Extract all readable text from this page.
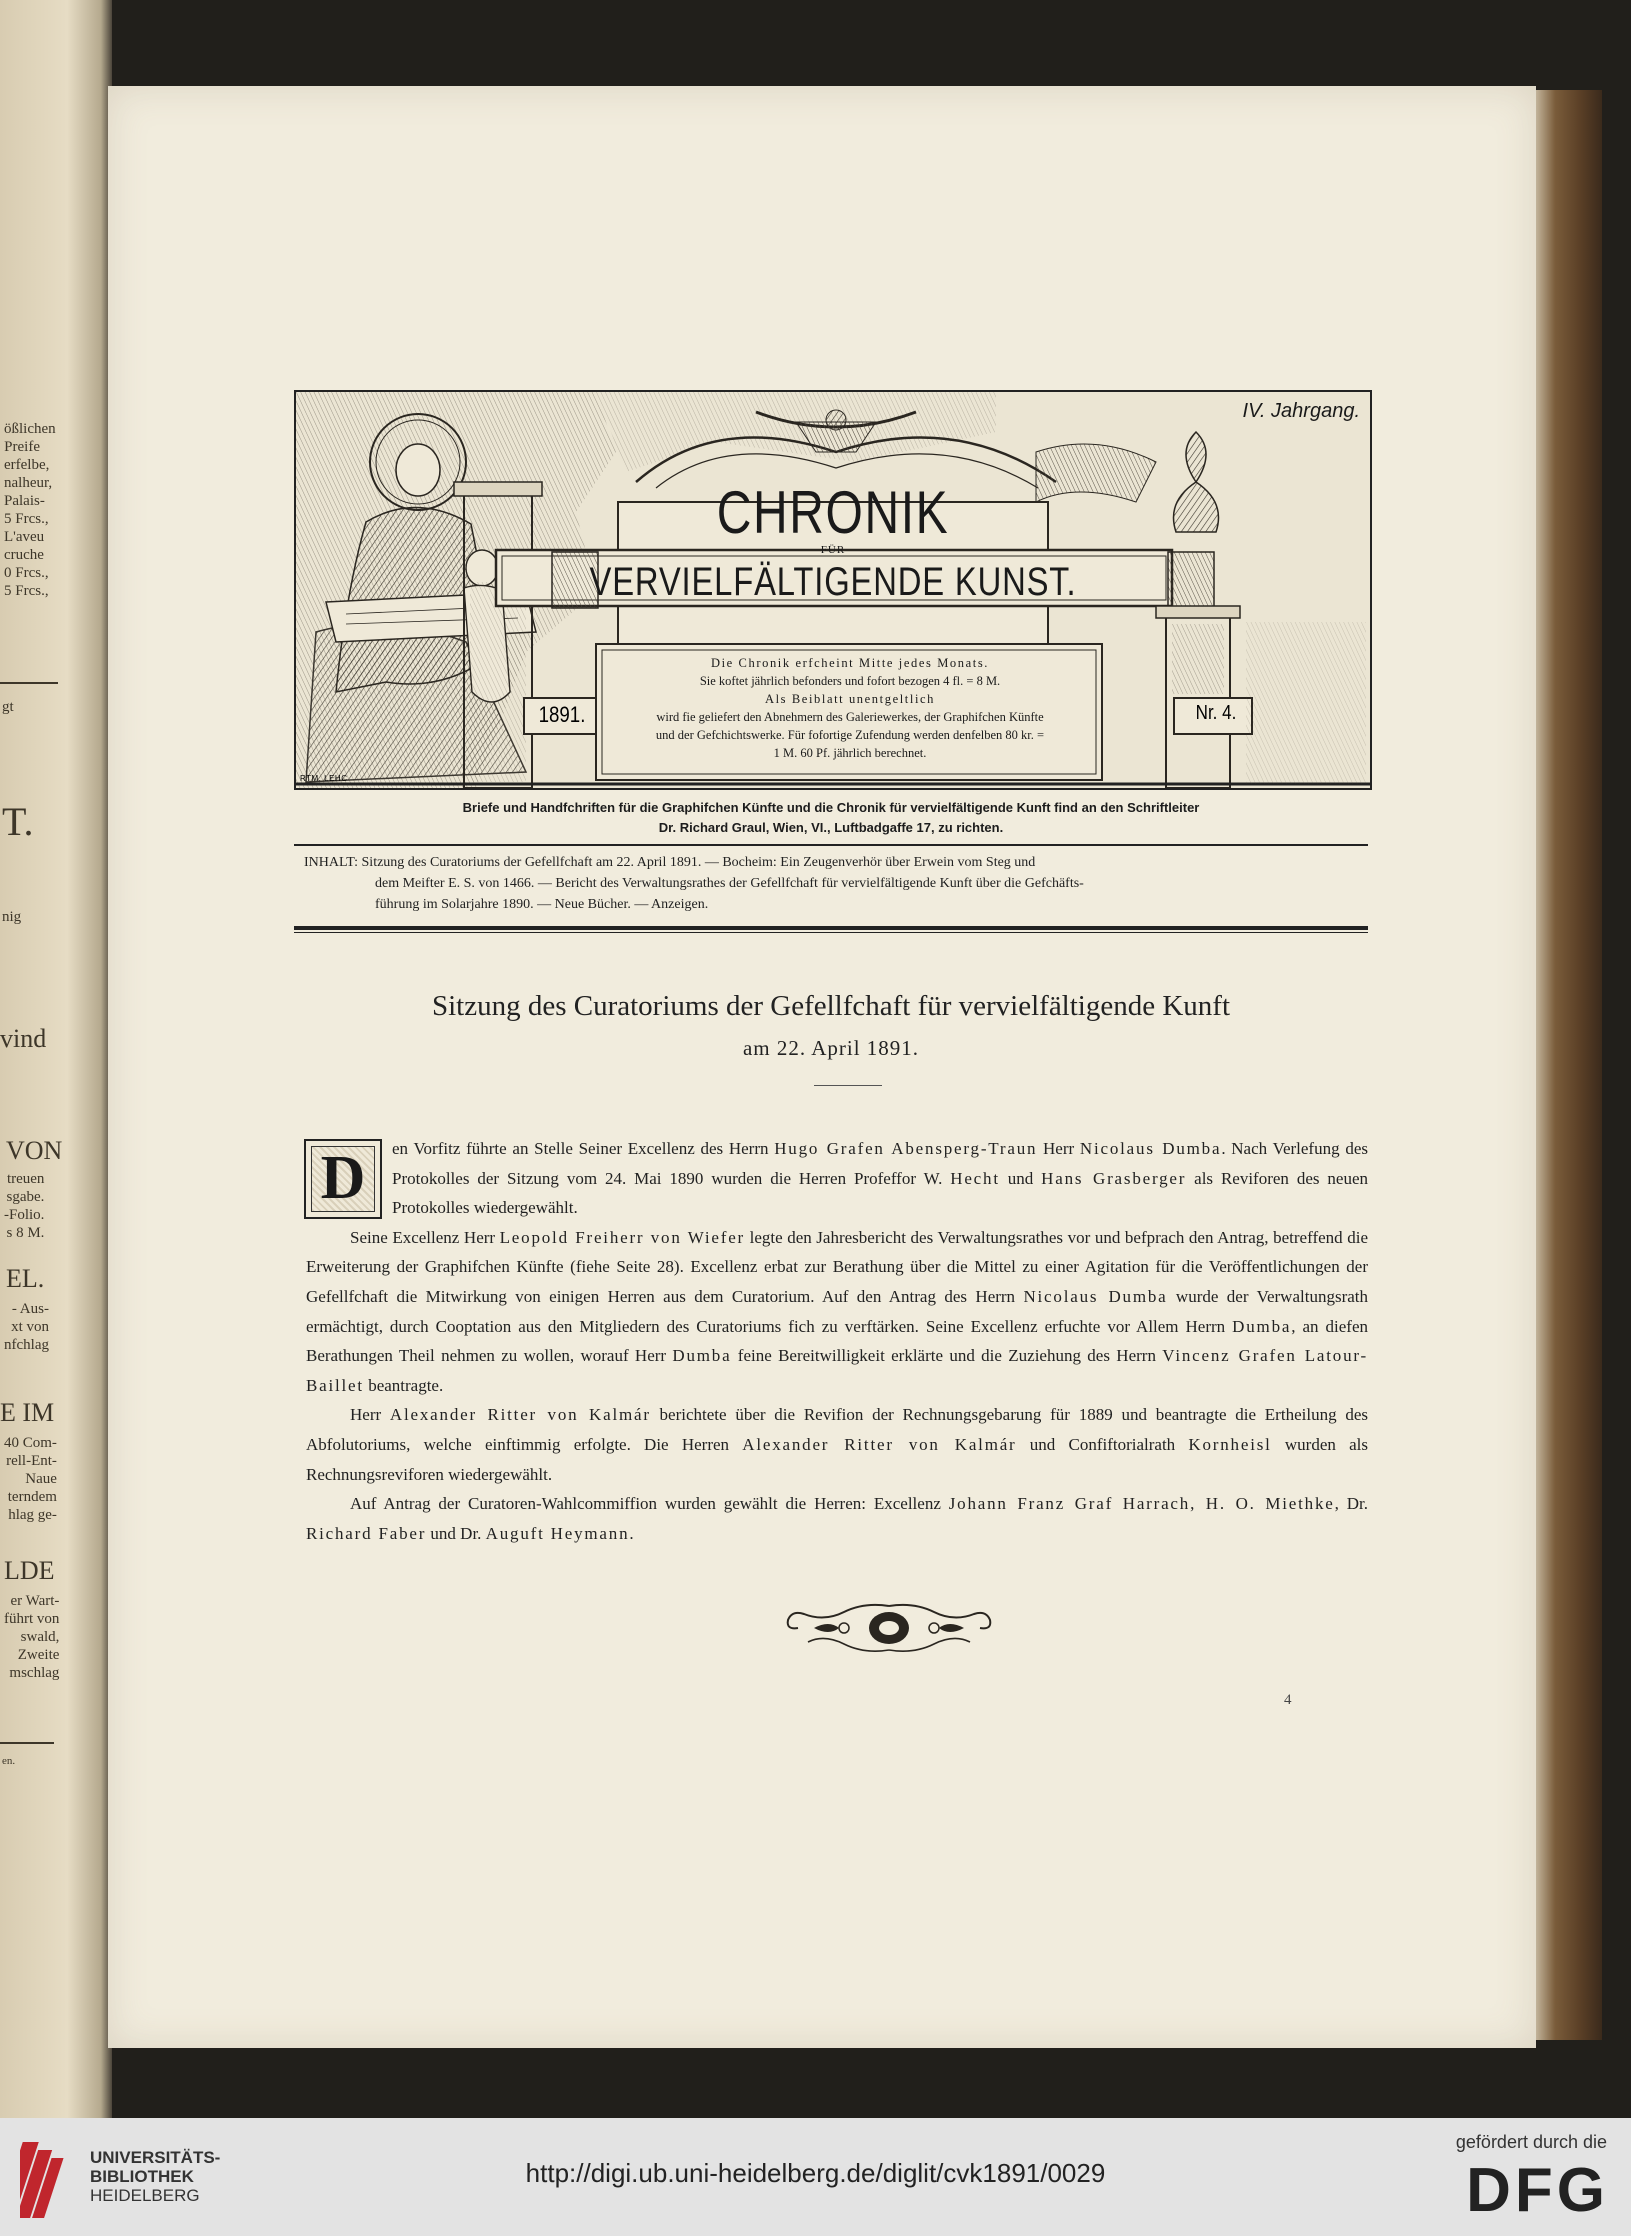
ößlichen
Preife
erfelbe,
nalheur,
Palais-
5 Frcs.,
L'aveu
cruche
0 Frcs.,
5 Frcs.,
gt
T.
nig
vind
VON
treuen
sgabe.
-Folio.
s 8 M.
EL.
- Aus-
xt von
nfchlag
E IM
40 Com-
rell-Ent-
Naue
terndem
hlag ge-
LDE
er Wart-
führt von
swald,
Zweite
mschlag
en.
IV. Jahrgang.
CHRONIK
FÜR
VERVIELFÄLTIGENDE KUNST.
1891.	Nr. 4.
RTM. LEHC
Die Chronik erfcheint Mitte jedes Monats.
Sie koftet jährlich befonders und fofort bezogen 4 fl. = 8 M.
Als Beiblatt unentgeltlich
wird fie geliefert den Abnehmern des Galeriewerkes, der Graphifchen Künfte
und der Gefchichtswerke. Für fofortige Zufendung werden denfelben 80 kr. =
1 M. 60 Pf. jährlich berechnet.
Briefe und Handfchriften für die Graphifchen Künfte und die Chronik für vervielfältigende Kunft find an den Schriftleiter
Dr. Richard Graul, Wien, VI., Luftbadgaffe 17, zu richten.

INHALT: Sitzung des Curatoriums der Gefellfchaft am 22. April 1891. — Bocheim: Ein Zeugenverhör über Erwein vom Steg und

dem Meifter E. S. von 1466. — Bericht des Verwaltungsrathes der Gefellfchaft für vervielfältigende Kunft über die Gefchäfts-

führung im Solarjahre 1890. — Neue Bücher. — Anzeigen.

Sitzung des Curatoriums der Gefellfchaft für vervielfältigende Kunft
am 22. April 1891.
D	en Vorfitz führte an Stelle Seiner Excellenz des Herrn Hugo Grafen Abensperg-Traun Herr Nicolaus Dumba. Nach Verlefung des Protokolles der Sitzung vom 24. Mai 1890 wurden die Herren Profeffor W. Hecht und Hans Grasberger als Reviforen des neuen Protokolles wiedergewählt.

Seine Excellenz Herr Leopold Freiherr von Wiefer legte den Jahresbericht des Verwaltungsrathes vor und befprach den Antrag, betreffend die Erweiterung der Graphifchen Künfte (fiehe Seite 28). Excellenz erbat zur Berathung über die Mittel zu einer Agitation für die Veröffentlichungen der Gefellfchaft die Mitwirkung von einigen Herren aus dem Curatorium. Auf den Antrag des Herrn Nicolaus Dumba wurde der Verwaltungsrath ermächtigt, durch Cooptation aus den Mitgliedern des Curatoriums fich zu verftärken. Seine Excellenz erfuchte vor Allem Herrn Dumba, an diefen Berathungen Theil nehmen zu wollen, worauf Herr Dumba feine Bereitwilligkeit erklärte und die Zuziehung des Herrn Vincenz Grafen Latour-Baillet beantragte.

Herr Alexander Ritter von Kalmár berichtete über die Revifion der Rechnungsgebarung für 1889 und beantragte die Ertheilung des Abfolutoriums, welche einftimmig erfolgte. Die Herren Alexander Ritter von Kalmár und Confiftorialrath Kornheisl wurden als Rechnungsreviforen wiedergewählt.

Auf Antrag der Curatoren-Wahlcommiffion wurden gewählt die Herren: Excellenz Johann Franz Graf Harrach, H. O. Miethke, Dr. Richard Faber und Dr. Auguft Heymann.

4
UNIVERSITÄTS-
BIBLIOTHEK
HEIDELBERG
http://digi.ub.uni-heidelberg.de/diglit/cvk1891/0029
gefördert durch die
DFG
